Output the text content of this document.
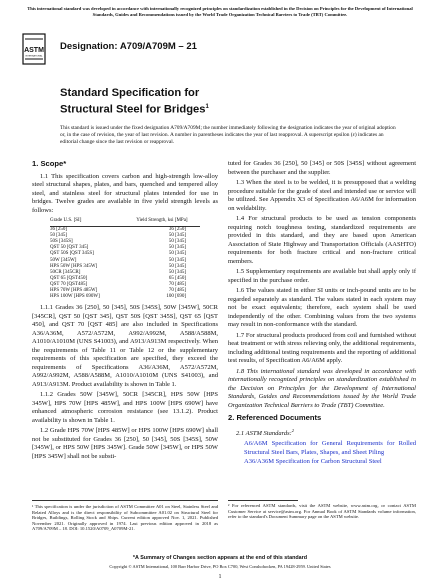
This international standard was developed in accordance with internationally recognized principles on standardization established in the Decision on Principles for the Development of International Standards, Guides and Recommendations issued by the World Trade Organization Technical Barriers to Trade (TBT) Committee.
ASTM
INTERNATIONAL
Designation: A709/A709M – 21
Standard Specification for
Structural Steel for Bridges$^1$
This standard is issued under the fixed designation A709/A709M; the number immediately following the designation indicates the year of original adoption or, in the case of revision, the year of last revision. A number in parentheses indicates the year of last reapproval. A superscript epsilon (ε) indicates an editorial change since the last revision or reapproval.
1. Scope*

1.1 This specification covers carbon and high-strength low-alloy steel structural shapes, plates, and bars, quenched and tempered alloy steel, and stainless steel for structural plates intended for use in bridges. Twelve grades are available in five yield strength levels as follows:

Grade U.S. [SI]	Yield Strength, ksi [MPa]

36 [250]	36 [250]
50 [345]	50 [345]
50S [345S]	50 [345]
QST 50 [QST 345]	50 [345]
QST 50S [QST 345S]	50 [345]
50W [345W]	50 [345]
HPS 50W [HPS 345W]	50 [345]
50CR [345CR]	50 [345]
QST 65 [QST450]	65 [450]
QST 70 [QST485]	70 [485]
HPS 70W [HPS 485W]	70 [485]
HPS 100W [HPS 690W]	100 [690]

1.1.1 Grades 36 [250], 50 [345], 50S [345S], 50W [345W], 50CR [345CR], QST 50 [QST 345], QST 50S [QST 345S], QST 65 [QST 450], and QST 70 [QST 485] are also included in Specifications A36/A36M, A572/A572M, A992/A992M, A588/A588M, A1010/A1010M (UNS S41003), and A913/A913M respectively. When the requirements of Table 11 or Table 12 or the supplementary requirements of this specification are specified, they exceed the requirements of Specifications A36/A36M, A572/A572M, A992/A992M, A588/A588M, A1010/A1010M (UNS S41003), and A913/A913M. Product availability is shown in Table 1.

1.1.2 Grades 50W [345W], 50CR [345CR], HPS 50W [HPS 345W], HPS 70W [HPS 485W], and HPS 100W [HPS 690W] have enhanced atmospheric corrosion resistance (see 13.1.2). Product availability is shown in Table 1.

1.2 Grade HPS 70W [HPS 485W] or HPS 100W [HPS 690W] shall not be substituted for Grades 36 [250], 50 [345], 50S [345S], 50W [345W], or HPS 50W [HPS 345W]. Grade 50W [345W], or HPS 50W [HPS 345W] shall not be substi-

tuted for Grades 36 [250], 50 [345] or 50S [345S] without agreement between the purchaser and the supplier.

1.3 When the steel is to be welded, it is presupposed that a welding procedure suitable for the grade of steel and intended use or service will be utilized. See Appendix X3 of Specification A6/A6M for information on weldability.

1.4 For structural products to be used as tension components requiring notch toughness testing, standardized requirements are provided in this standard, and they are based upon American Association of State Highway and Transportation Officials (AASHTO) requirements for both fracture critical and non-fracture critical members.

1.5 Supplementary requirements are available but shall apply only if specified in the purchase order.

1.6 The values stated in either SI units or inch-pound units are to be regarded separately as standard. The values stated in each system may not be exact equivalents; therefore, each system shall be used independently of the other. Combining values from the two systems may result in non-conformance with the standard.

1.7 For structural products produced from coil and furnished without heat treatment or with stress relieving only, the additional requirements, including additional testing requirements and the reporting of additional test results, of Specification A6/A6M apply.

1.8 This international standard was developed in accordance with internationally recognized principles on standardization established in the Decision on Principles for the Development of International Standards, Guides and Recommendations issued by the World Trade Organization Technical Barriers to Trade (TBT) Committee.

2. Referenced Documents

2.1 ASTM Standards:$^2$

A6/A6M Specification for General Requirements for Rolled Structural Steel Bars, Plates, Shapes, and Sheet Piling

A36/A36M Specification for Carbon Structural Steel

¹ This specification is under the jurisdiction of ASTM Committee A01 on Steel, Stainless Steel and Related Alloys and is the direct responsibility of Subcommittee A01.02 on Structural Steel for Bridges, Buildings, Rolling Stock and Ships. Current edition approved Nov. 1, 2021. Published November 2021. Originally approved in 1974. Last previous edition approved in 2018 as A709/A709M – 18. DOI: 10.1520/A0709_A0709M-21.
² For referenced ASTM standards, visit the ASTM website, www.astm.org, or contact ASTM Customer Service at service@astm.org. For Annual Book of ASTM Standards volume information, refer to the standard's Document Summary page on the ASTM website.
*A Summary of Changes section appears at the end of this standard
Copyright © ASTM International, 100 Barr Harbor Drive, PO Box C700, West Conshohocken, PA 19428-2959. United States
1
